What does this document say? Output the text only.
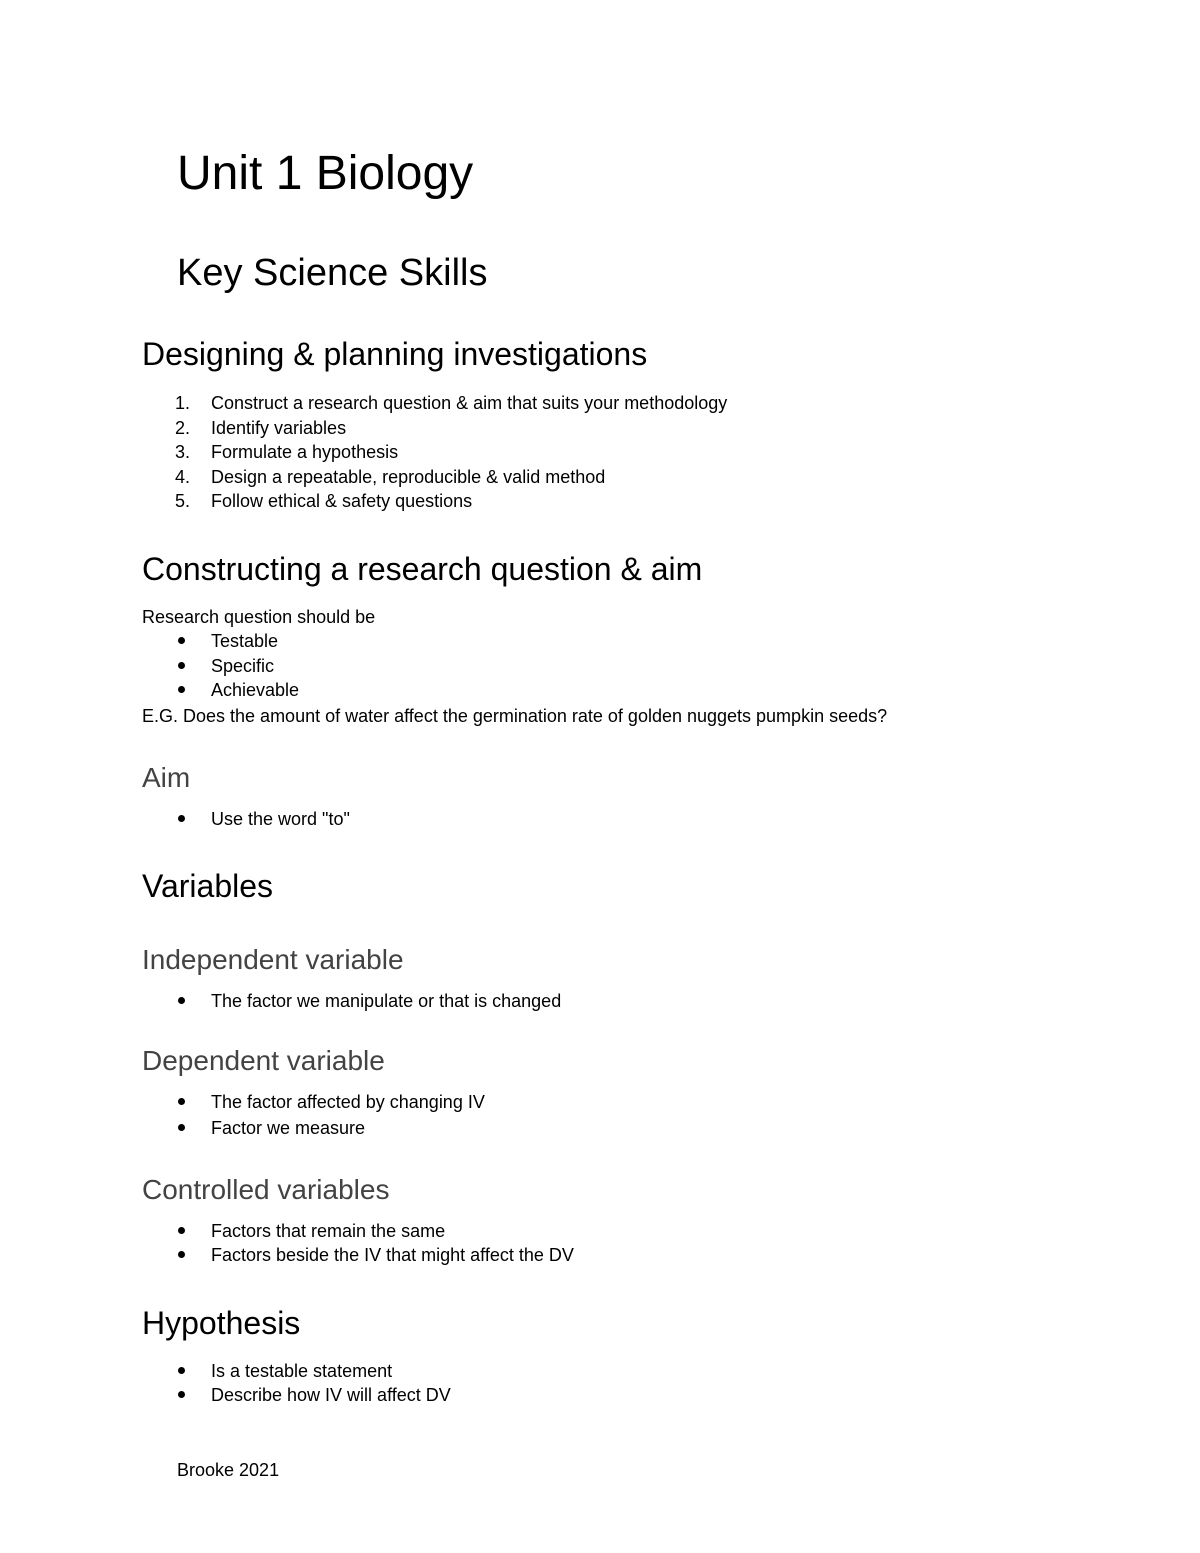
Unit 1 Biology
Key Science Skills
Designing & planning investigations
1. Construct a research question & aim that suits your methodology
2. Identify variables
3. Formulate a hypothesis
4. Design a repeatable, reproducible & valid method
5. Follow ethical & safety questions
Constructing a research question & aim
Research question should be
Testable
Specific
Achievable
E.G. Does the amount of water affect the germination rate of golden nuggets pumpkin seeds?
Aim
Use the word "to"
Variables
Independent variable
The factor we manipulate or that is changed
Dependent variable
The factor affected by changing IV
Factor we measure
Controlled variables
Factors that remain the same
Factors beside the IV that might affect the DV
Hypothesis
Is a testable statement
Describe how IV will affect DV
Brooke 2021
